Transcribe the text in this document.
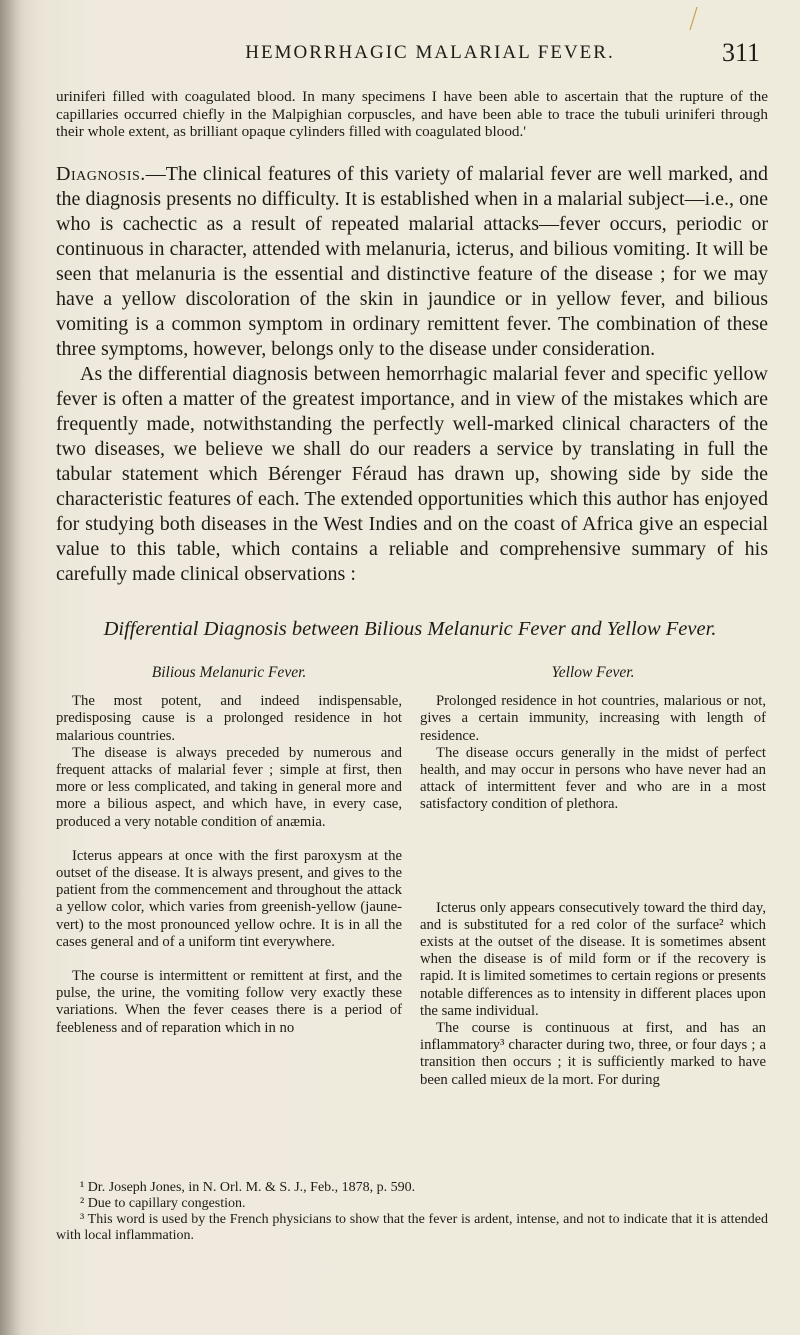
HEMORRHAGIC MALARIAL FEVER.	311
uriniferi filled with coagulated blood. In many specimens I have been able to ascertain that the rupture of the capillaries occurred chiefly in the Malpighian corpuscles, and have been able to trace the tubuli uriniferi through their whole extent, as brilliant opaque cylinders filled with coagulated blood.'

Diagnosis.—The clinical features of this variety of malarial fever are well marked, and the diagnosis presents no difficulty. It is established when in a malarial subject—i.e., one who is cachectic as a result of repeated malarial attacks—fever occurs, periodic or continuous in character, attended with melanuria, icterus, and bilious vomiting. It will be seen that melanuria is the essential and distinctive feature of the disease ; for we may have a yellow discoloration of the skin in jaundice or in yellow fever, and bilious vomiting is a common symptom in ordinary remittent fever. The combination of these three symptoms, however, belongs only to the disease under consideration.

As the differential diagnosis between hemorrhagic malarial fever and specific yellow fever is often a matter of the greatest importance, and in view of the mistakes which are frequently made, notwithstanding the perfectly well-marked clinical characters of the two diseases, we believe we shall do our readers a service by translating in full the tabular statement which Bérenger Féraud has drawn up, showing side by side the characteristic features of each. The extended opportunities which this author has enjoyed for studying both diseases in the West Indies and on the coast of Africa give an especial value to this table, which contains a reliable and comprehensive summary of his carefully made clinical observations :

Differential Diagnosis between Bilious Melanuric Fever and Yellow Fever.
Bilious Melanuric Fever.

The most potent, and indeed indispensable, predisposing cause is a prolonged residence in hot malarious countries.

The disease is always preceded by numerous and frequent attacks of malarial fever ; simple at first, then more or less complicated, and taking in general more and more a bilious aspect, and which have, in every case, produced a very notable condition of anæmia.

Icterus appears at once with the first paroxysm at the outset of the disease. It is always present, and gives to the patient from the commencement and throughout the attack a yellow color, which varies from greenish-yellow (jaune-vert) to the most pronounced yellow ochre. It is in all the cases general and of a uniform tint everywhere.

The course is intermittent or remittent at first, and the pulse, the urine, the vomiting follow very exactly these variations. When the fever ceases there is a period of feebleness and of reparation which in no

Yellow Fever.

Prolonged residence in hot countries, malarious or not, gives a certain immunity, increasing with length of residence.

The disease occurs generally in the midst of perfect health, and may occur in persons who have never had an attack of intermittent fever and who are in a most satisfactory condition of plethora.

Icterus only appears consecutively toward the third day, and is substituted for a red color of the surface² which exists at the outset of the disease. It is sometimes absent when the disease is of mild form or if the recovery is rapid. It is limited sometimes to certain regions or presents notable differences as to intensity in different places upon the same individual.

The course is continuous at first, and has an inflammatory³ character during two, three, or four days ; a transition then occurs ; it is sufficiently marked to have been called mieux de la mort. For during

¹ Dr. Joseph Jones, in N. Orl. M. & S. J., Feb., 1878, p. 590.
² Due to capillary congestion.
³ This word is used by the French physicians to show that the fever is ardent, intense, and not to indicate that it is attended with local inflammation.
